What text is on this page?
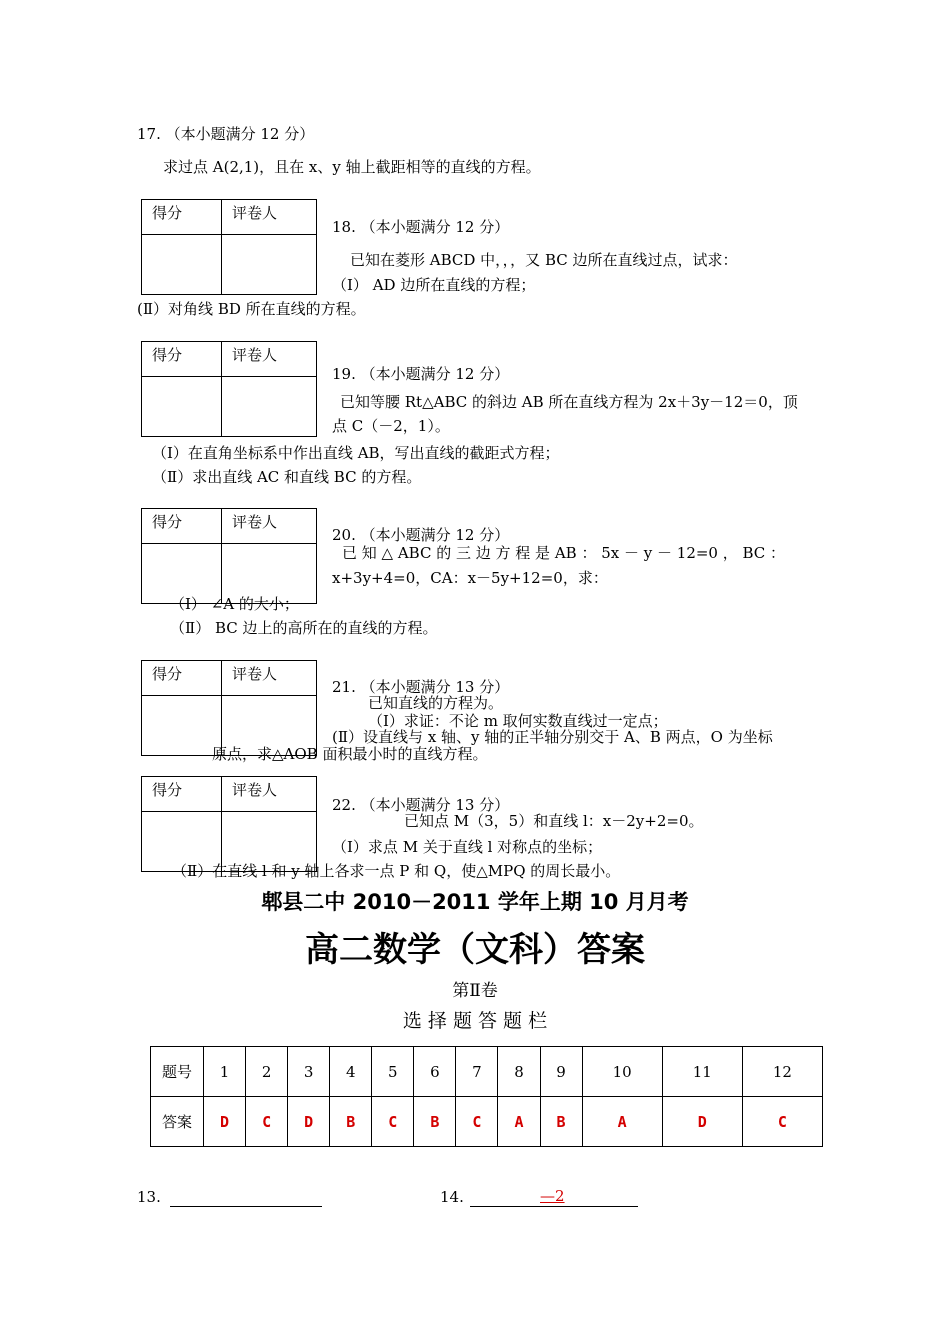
17. （本小题满分 12 分）
求过点 A(2,1)，且在 x、y 轴上截距相等的直线的方程。
得分	评卷人
18. （本小题满分 12 分）
已知在菱形 ABCD 中，，，又 BC 边所在直线过点，试求：
（Ⅰ） AD 边所在直线的方程；
(Ⅱ）对角线 BD 所在直线的方程。
得分	评卷人
19. （本小题满分 12 分）
已知等腰 Rt△ABC 的斜边 AB 所在直线方程为 2x＋3y－12＝0，顶
点 C（－2，1）。
（Ⅰ）在直角坐标系中作出直线 AB，写出直线的截距式方程；
（Ⅱ）求出直线 AC 和直线 BC 的方程。
得分	评卷人
20. （本小题满分 12 分）
已 知 △ ABC 的 三 边 方 程 是 AB ： 5x － y － 12=0 ， BC ：
x+3y+4=0，CA：x－5y+12=0，求：
（Ⅰ） ∠A 的大小；
（Ⅱ） BC 边上的高所在的直线的方程。
得分	评卷人
21. （本小题满分 13 分）
已知直线的方程为。
（Ⅰ）求证：不论 m 取何实数直线过一定点；
(Ⅱ）设直线与 x 轴、y 轴的正半轴分别交于 A、B 两点，O 为坐标
原点，求△AOB 面积最小时的直线方程。
得分	评卷人
22. （本小题满分 13 分）
已知点 M（3，5）和直线 l：x－2y+2=0。
（Ⅰ）求点 M 关于直线 l 对称点的坐标；
（Ⅱ）在直线 l 和 y 轴上各求一点 P 和 Q，使△MPQ 的周长最小。
郫县二中 2010－2011 学年上期 10 月月考
高二数学（文科）答案
第Ⅱ卷
选 择 题 答 题 栏
题号	1	2	3	4	5	6	7	8	9	10	11	12
答案	D	C	D	B	C	B	C	A	B	A	D	C
13.	14.	—2
